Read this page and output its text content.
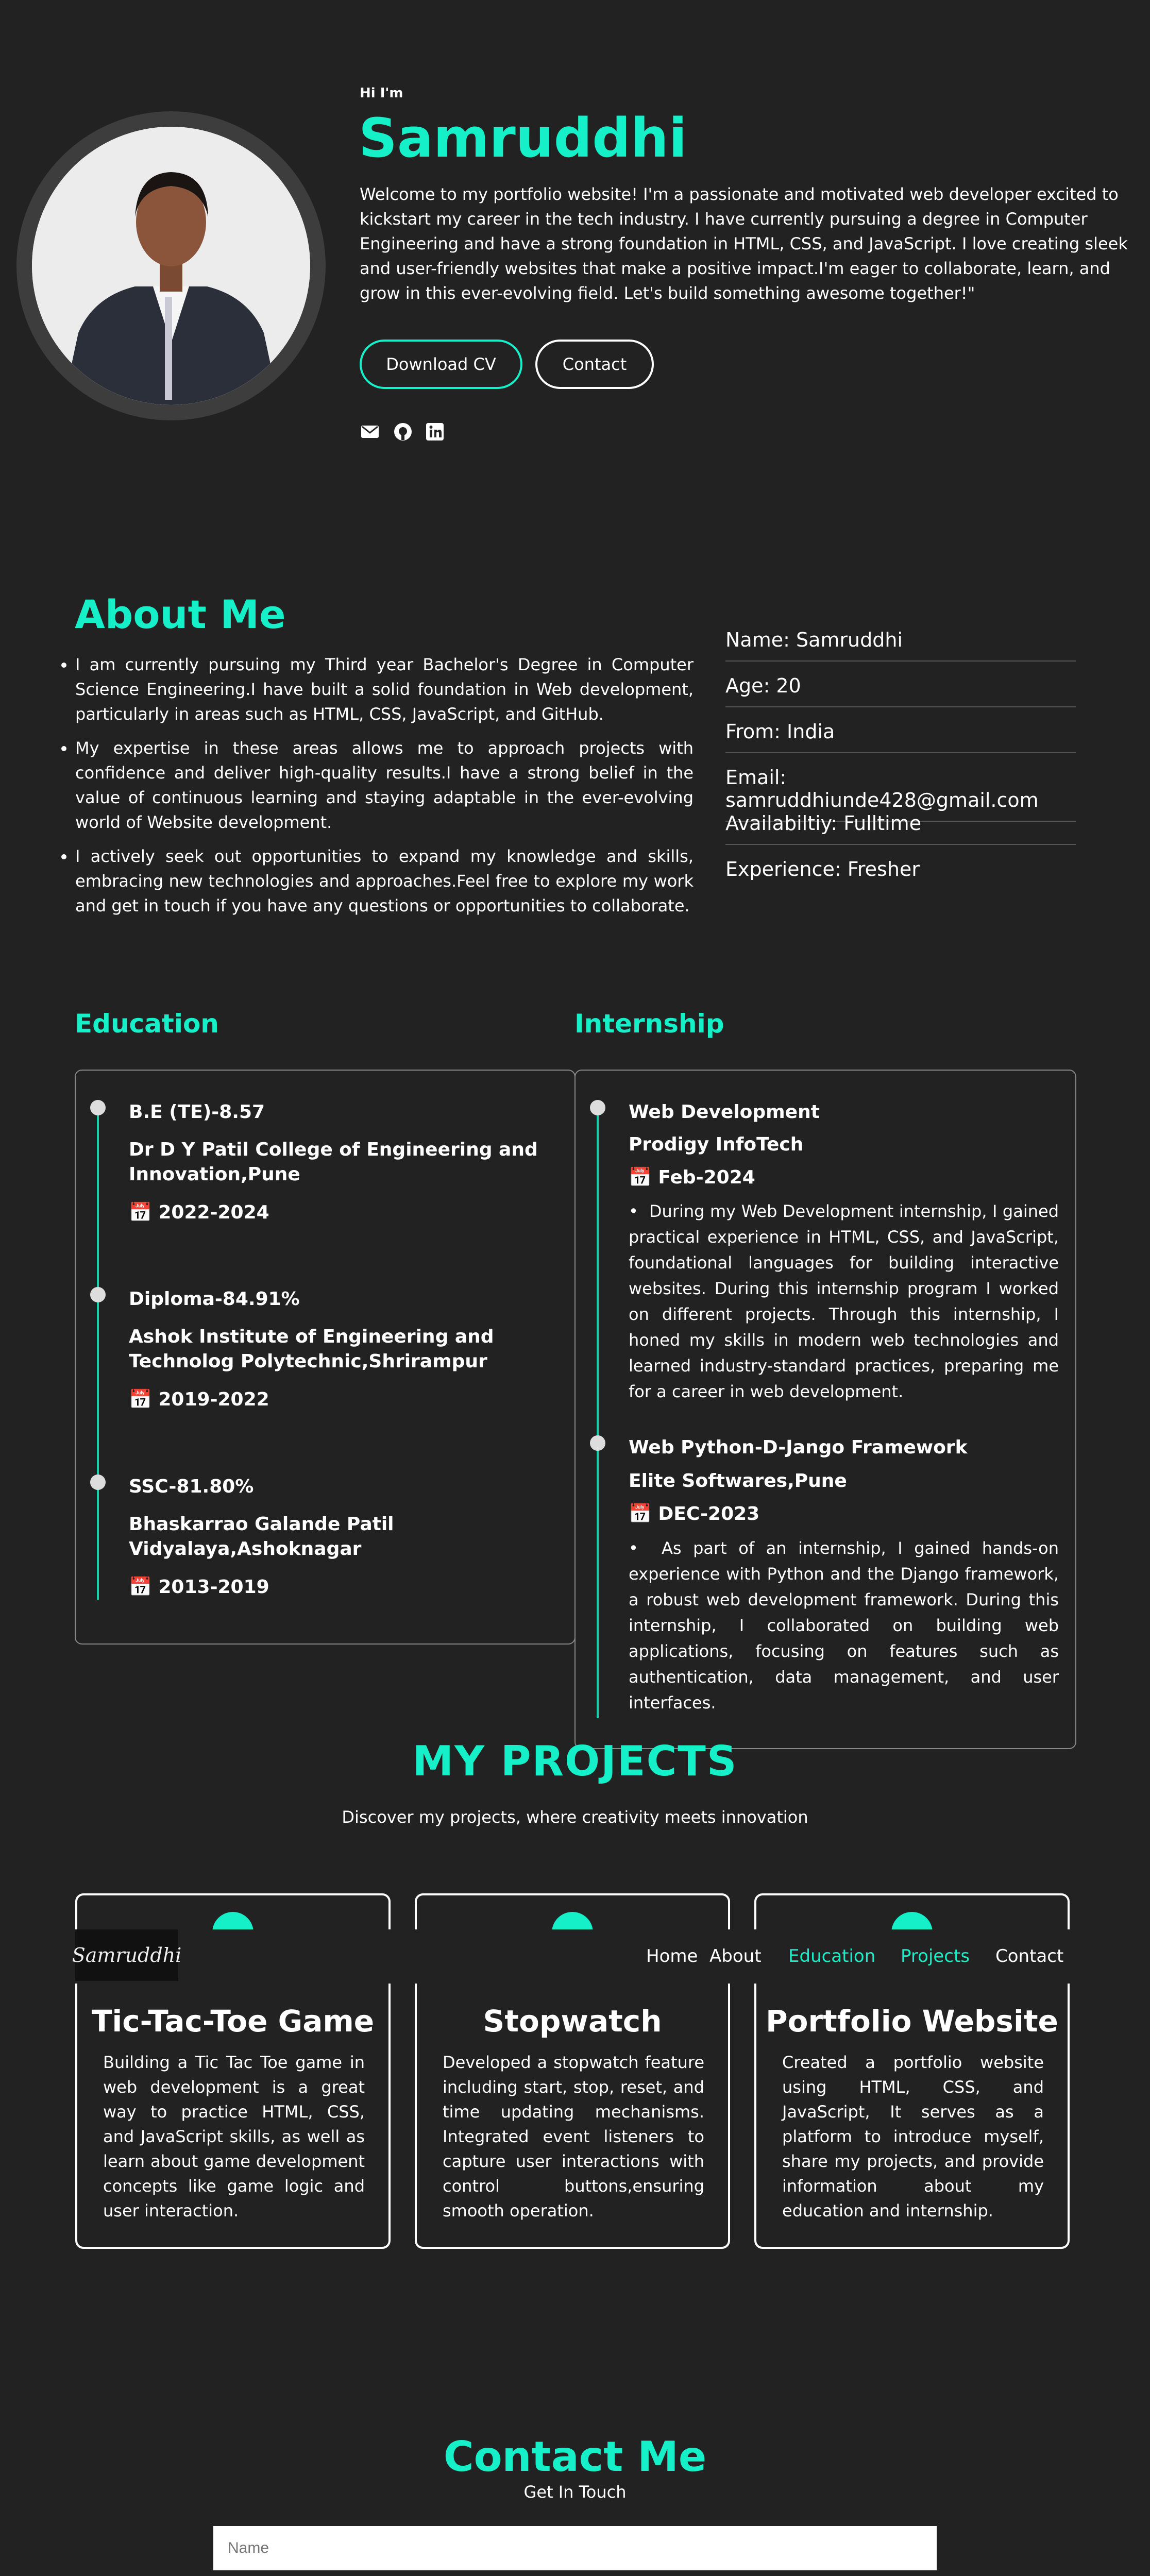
Hi I'm
Samruddhi
Welcome to my portfolio website! I'm a passionate and motivated web developer excited to kickstart my career in the tech industry. I have currently pursuing a degree in Computer Engineering and have a strong foundation in HTML, CSS, and JavaScript. I love creating sleek and user-friendly websites that make a positive impact.I'm eager to collaborate, learn, and grow in this ever-evolving field. Let's build something awesome together!"
Download CV	Contact
About Me
• I am currently pursuing my Third year Bachelor's Degree in Computer Science Engineering.I have built a solid foundation in Web development, particularly in areas such as HTML, CSS, JavaScript, and GitHub.
• My expertise in these areas allows me to approach projects with confidence and deliver high-quality results.I have a strong belief in the value of continuous learning and staying adaptable in the ever-evolving world of Website development.
• I actively seek out opportunities to expand my knowledge and skills, embracing new technologies and approaches.Feel free to explore my work and get in touch if you have any questions or opportunities to collaborate.
Name: Samruddhi
Age: 20
From: India
Email: samruddhiunde428@gmail.com
Availabiltiy: Fulltime
Experience: Fresher
Education
B.E (TE)-8.57
Dr D Y Patil College of Engineering and Innovation,Pune
📅 2022-2024
Diploma-84.91%
Ashok Institute of Engineering and Technolog Polytechnic,Shrirampur
📅 2019-2022
SSC-81.80%
Bhaskarrao Galande Patil Vidyalaya,Ashoknagar
📅 2013-2019
Internship
Web Development
Prodigy InfoTech
📅 Feb-2024
•  During my Web Development internship, I gained practical experience in HTML, CSS, and JavaScript, foundational languages for building interactive websites. During this internship program I worked on different projects. Through this internship, I honed my skills in modern web technologies and learned industry-standard practices, preparing me for a career in web development.
Web Python-D-Jango Framework
Elite Softwares,Pune
📅 DEC-2023
•  As part of an internship, I gained hands-on experience with Python and the Django framework, a robust web development framework. During this internship, I collaborated on building web applications, focusing on features such as authentication, data management, and user interfaces.
MY PROJECTS
Discover my projects, where creativity meets innovation
Tic-Tac-Toe Game
Building a Tic Tac Toe game in web development is a great way to practice HTML, CSS, and JavaScript skills, as well as learn about game development concepts like game logic and user interaction.
Stopwatch
Developed a stopwatch feature including start, stop, reset, and time updating mechanisms. Integrated event listeners to capture user interactions with control buttons,ensuring smooth operation.
Portfolio Website
Created a portfolio website using HTML, CSS, and JavaScript, It serves as a platform to introduce myself, share my projects, and provide information about my education and internship.
Samruddhi	Home About Education Projects Contact
Contact Me
Get In Touch
Name
